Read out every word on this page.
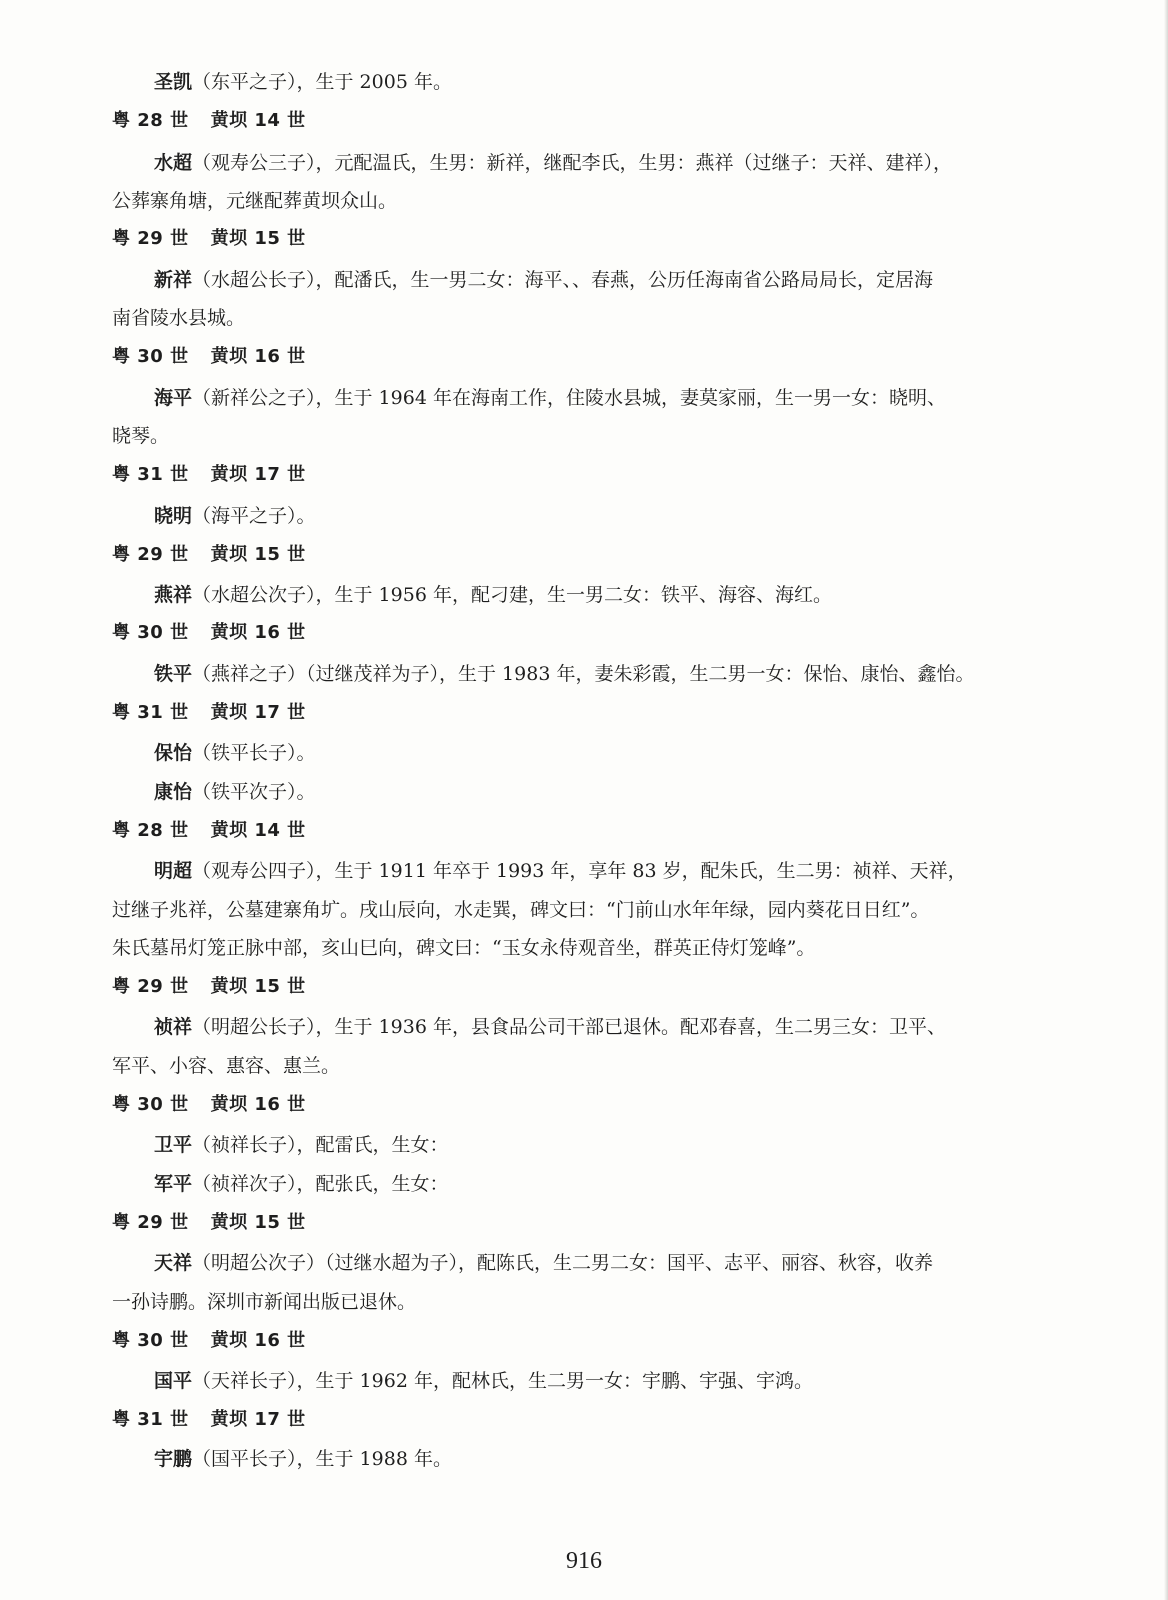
圣凯（东平之子），生于 2005 年。
粤 28 世 黄坝 14 世
水超（观寿公三子），元配温氏，生男：新祥，继配李氏，生男：燕祥（过继子：天祥、建祥），
公葬寨角塘，元继配葬黄坝众山。
粤 29 世 黄坝 15 世
新祥（水超公长子），配潘氏，生一男二女：海平、、春燕，公历任海南省公路局局长，定居海
南省陵水县城。
粤 30 世 黄坝 16 世
海平（新祥公之子），生于 1964 年在海南工作，住陵水县城，妻莫家丽，生一男一女：晓明、
晓琴。
粤 31 世 黄坝 17 世
晓明（海平之子）。
粤 29 世 黄坝 15 世
燕祥（水超公次子），生于 1956 年，配刁建，生一男二女：铁平、海容、海红。
粤 30 世 黄坝 16 世
铁平（燕祥之子）（过继茂祥为子），生于 1983 年，妻朱彩霞，生二男一女：保怡、康怡、鑫怡。
粤 31 世 黄坝 17 世
保怡（铁平长子）。
康怡（铁平次子）。
粤 28 世 黄坝 14 世
明超（观寿公四子），生于 1911 年卒于 1993 年，享年 83 岁，配朱氏，生二男：祯祥、天祥，
过继子兆祥，公墓建寨角圹。戌山辰向，水走巽，碑文曰：“门前山水年年绿，园内葵花日日红”。
朱氏墓吊灯笼正脉中部，亥山巳向，碑文曰：“玉女永侍观音坐，群英正侍灯笼峰”。
粤 29 世 黄坝 15 世
祯祥（明超公长子），生于 1936 年，县食品公司干部已退休。配邓春喜，生二男三女：卫平、
军平、小容、惠容、惠兰。
粤 30 世 黄坝 16 世
卫平（祯祥长子），配雷氏，生女：
军平（祯祥次子），配张氏，生女：
粤 29 世 黄坝 15 世
天祥（明超公次子）（过继水超为子），配陈氏，生二男二女：国平、志平、丽容、秋容，收养
一孙诗鹏。深圳市新闻出版已退休。
粤 30 世 黄坝 16 世
国平（天祥长子），生于 1962 年，配林氏，生二男一女：宇鹏、宇强、宇鸿。
粤 31 世 黄坝 17 世
宇鹏（国平长子），生于 1988 年。
916
